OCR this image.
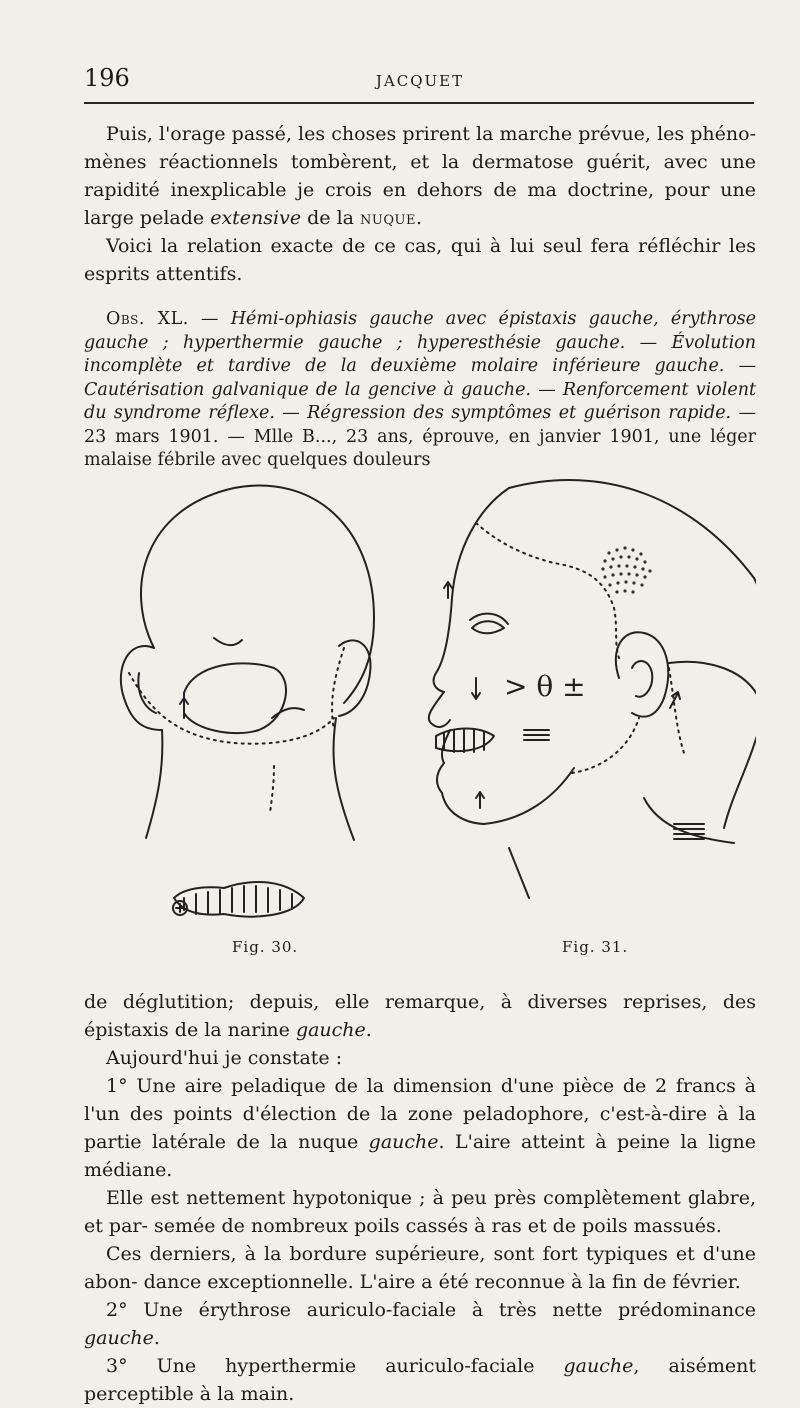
196	JACQUET

Puis, l'orage passé, les choses prirent la marche prévue, les phéno- mènes réactionnels tombèrent, et la dermatose guérit, avec une rapidité inexplicable je crois en dehors de ma doctrine, pour une large pelade extensive de la nuque.

Voici la relation exacte de ce cas, qui à lui seul fera réfléchir les esprits attentifs.

Obs. XL. — Hémi-ophiasis gauche avec épistaxis gauche, érythrose gauche ; hyperthermie gauche ; hyperesthésie gauche. — Évolution incomplète et tardive de la deuxième molaire inférieure gauche. — Cautérisation galvanique de la gencive à gauche. — Renforcement violent du syndrome réflexe. — Régression des symptômes et guérison rapide. — 23 mars 1901. — Mlle B..., 23 ans, éprouve, en janvier 1901, une léger malaise fébrile avec quelques douleurs

> θ ±
Fig. 30.	Fig. 31.

de déglutition; depuis, elle remarque, à diverses reprises, des épistaxis de la narine gauche.

Aujourd'hui je constate :

1° Une aire peladique de la dimension d'une pièce de 2 francs à l'un des points d'élection de la zone peladophore, c'est-à-dire à la partie latérale de la nuque gauche. L'aire atteint à peine la ligne médiane.

Elle est nettement hypotonique ; à peu près complètement glabre, et par- semée de nombreux poils cassés à ras et de poils massués.

Ces derniers, à la bordure supérieure, sont fort typiques et d'une abon- dance exceptionnelle. L'aire a été reconnue à la fin de février.

2° Une érythrose auriculo-faciale à très nette prédominance gauche.

3° Une hyperthermie auriculo-faciale gauche, aisément perceptible à la main.
